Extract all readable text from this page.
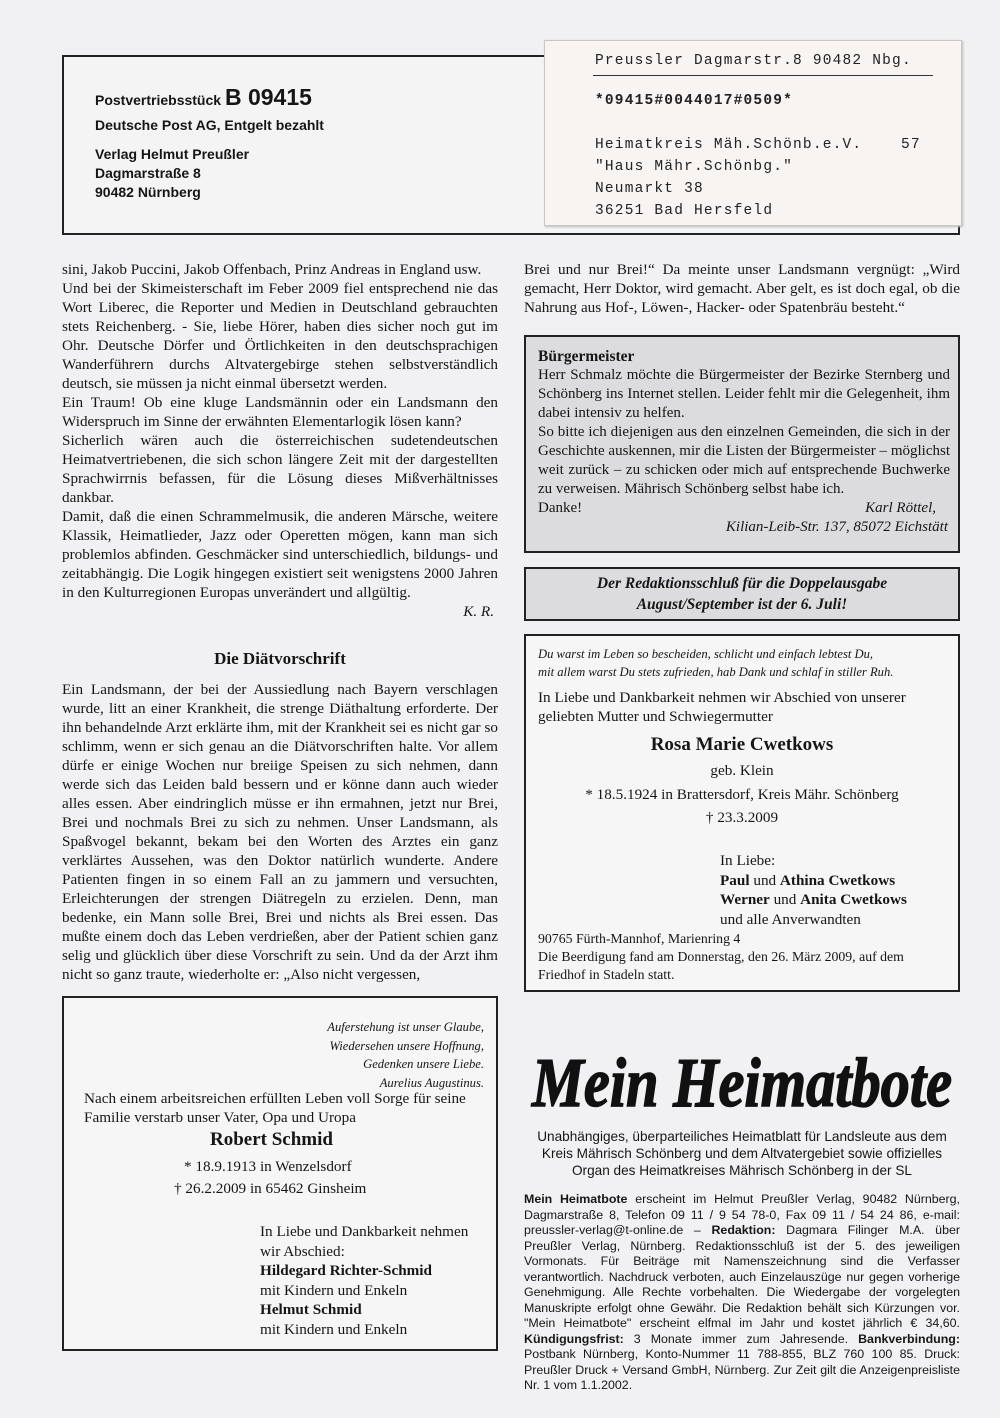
Postvertriebsstück B 09415
Deutsche Post AG, Entgelt bezahlt
Verlag Helmut Preußler
Dagmarstraße 8
90482 Nürnberg
Preussler Dagmarstr.8 90482 Nbg.
*09415#0044017#0509*
Heimatkreis Mäh.Schönb.e.V.	57
"Haus Mähr.Schönbg."
Neumarkt 38
36251 Bad Hersfeld

sini, Jakob Puccini, Jakob Offenbach, Prinz Andreas in England usw.

Und bei der Skimeisterschaft im Feber 2009 fiel entsprechend nie das Wort Liberec, die Reporter und Medien in Deutschland gebrauchten stets Reichenberg. - Sie, liebe Hörer, haben dies sicher noch gut im Ohr. Deutsche Dörfer und Örtlichkeiten in den deutschsprachigen Wanderführern durchs Altvatergebirge stehen selbstverständlich deutsch, sie müssen ja nicht einmal übersetzt werden.

Ein Traum! Ob eine kluge Landsmännin oder ein Landsmann den Widerspruch im Sinne der erwähnten Elementarlogik lösen kann?

Sicherlich wären auch die österreichischen sudetendeutschen Heimatvertriebenen, die sich schon längere Zeit mit der dargestellten Sprachwirrnis befassen, für die Lösung dieses Mißverhältnisses dankbar.

Damit, daß die einen Schrammelmusik, die anderen Märsche, weitere Klassik, Heimatlieder, Jazz oder Operetten mögen, kann man sich problemlos abfinden. Geschmäcker sind unterschiedlich, bildungs- und zeitabhängig. Die Logik hingegen existiert seit wenigstens 2000 Jahren in den Kulturregionen Europas unverändert und allgültig.

K. R.

Die Diätvorschrift
Ein Landsmann, der bei der Aussiedlung nach Bayern verschlagen wurde, litt an einer Krankheit, die strenge Diäthaltung erforderte. Der ihn behandelnde Arzt erklärte ihm, mit der Krankheit sei es nicht gar so schlimm, wenn er sich genau an die Diätvorschriften halte. Vor allem dürfe er einige Wochen nur breiige Speisen zu sich nehmen, dann werde sich das Leiden bald bessern und er könne dann auch wieder alles essen. Aber eindringlich müsse er ihn ermahnen, jetzt nur Brei, Brei und nochmals Brei zu sich zu nehmen. Unser Landsmann, als Spaßvogel bekannt, bekam bei den Worten des Arztes ein ganz verklärtes Aussehen, was den Doktor natürlich wunderte. Andere Patienten fingen in so einem Fall an zu jammern und versuchten, Erleichterungen der strengen Diätregeln zu erzielen. Denn, man bedenke, ein Mann solle Brei, Brei und nichts als Brei essen. Das mußte einem doch das Leben verdrießen, aber der Patient schien ganz selig und glücklich über diese Vorschrift zu sein. Und da der Arzt ihm nicht so ganz traute, wiederholte er: „Also nicht vergessen,
Brei und nur Brei!“ Da meinte unser Landsmann vergnügt: „Wird gemacht, Herr Doktor, wird gemacht. Aber gelt, es ist doch egal, ob die Nahrung aus Hof-, Löwen-, Hacker- oder Spatenbräu besteht.“
Bürgermeister

Herr Schmalz möchte die Bürgermeister der Bezirke Sternberg und Schönberg ins Internet stellen. Leider fehlt mir die Gelegenheit, ihm dabei intensiv zu helfen.

So bitte ich diejenigen aus den einzelnen Gemeinden, die sich in der Geschichte auskennen, mir die Listen der Bürgermeister – möglichst weit zurück – zu schicken oder mich auf entsprechende Buchwerke zu verweisen. Mährisch Schönberg selbst habe ich.

Danke!	Karl Röttel,
Kilian-Leib-Str. 137, 85072 Eichstätt
Der Redaktionsschluß für die Doppelausgabe
August/September ist der 6. Juli!
Du warst im Leben so bescheiden, schlicht und einfach lebtest Du,
mit allem warst Du stets zufrieden, hab Dank und schlaf in stiller Ruh.
In Liebe und Dankbarkeit nehmen wir Abschied von unserer geliebten Mutter und Schwiegermutter
Rosa Marie Cwetkows
geb. Klein
* 18.5.1924 in Brattersdorf, Kreis Mähr. Schönberg
† 23.3.2009
In Liebe:
Paul und Athina Cwetkows
Werner und Anita Cwetkows
und alle Anverwandten
90765 Fürth-Mannhof, Marienring 4
Die Beerdigung fand am Donnerstag, den 26. März 2009, auf dem Friedhof in Stadeln statt.
Auferstehung ist unser Glaube,
Wiedersehen unsere Hoffnung,
Gedenken unsere Liebe.
Aurelius Augustinus.
Nach einem arbeitsreichen erfüllten Leben voll Sorge für seine Familie verstarb unser Vater, Opa und Uropa
Robert Schmid
* 18.9.1913 in Wenzelsdorf
† 26.2.2009 in 65462 Ginsheim
In Liebe und Dankbarkeit nehmen
wir Abschied:
Hildegard Richter-Schmid
mit Kindern und Enkeln
Helmut Schmid
mit Kindern und Enkeln
Mein Heimatbote
Unabhängiges, überparteiliches Heimatblatt für Landsleute aus dem Kreis Mährisch Schönberg und dem Altvatergebiet sowie offizielles Organ des Heimatkreises Mährisch Schönberg in der SL
Mein Heimatbote erscheint im Helmut Preußler Verlag, 90482 Nürnberg, Dagmarstraße 8, Telefon 09 11 / 9 54 78-0, Fax 09 11 / 54 24 86, e-mail: preussler-verlag@t-online.de – Redaktion: Dagmara Filinger M.A. über Preußler Verlag, Nürnberg. Redaktionsschluß ist der 5. des jeweiligen Vormonats. Für Beiträge mit Namenszeichnung sind die Verfasser verantwortlich. Nachdruck verboten, auch Einzelauszüge nur gegen vorherige Genehmigung. Alle Rechte vorbehalten. Die Wiedergabe der vorgelegten Manuskripte erfolgt ohne Gewähr. Die Redaktion behält sich Kürzungen vor. "Mein Heimatbote" erscheint elfmal im Jahr und kostet jährlich € 34,60. Kündigungsfrist: 3 Monate immer zum Jahresende. Bankverbindung: Postbank Nürnberg, Konto-Nummer 11 788-855, BLZ 760 100 85. Druck: Preußler Druck + Versand GmbH, Nürnberg. Zur Zeit gilt die Anzeigenpreisliste Nr. 1 vom 1.1.2002.
